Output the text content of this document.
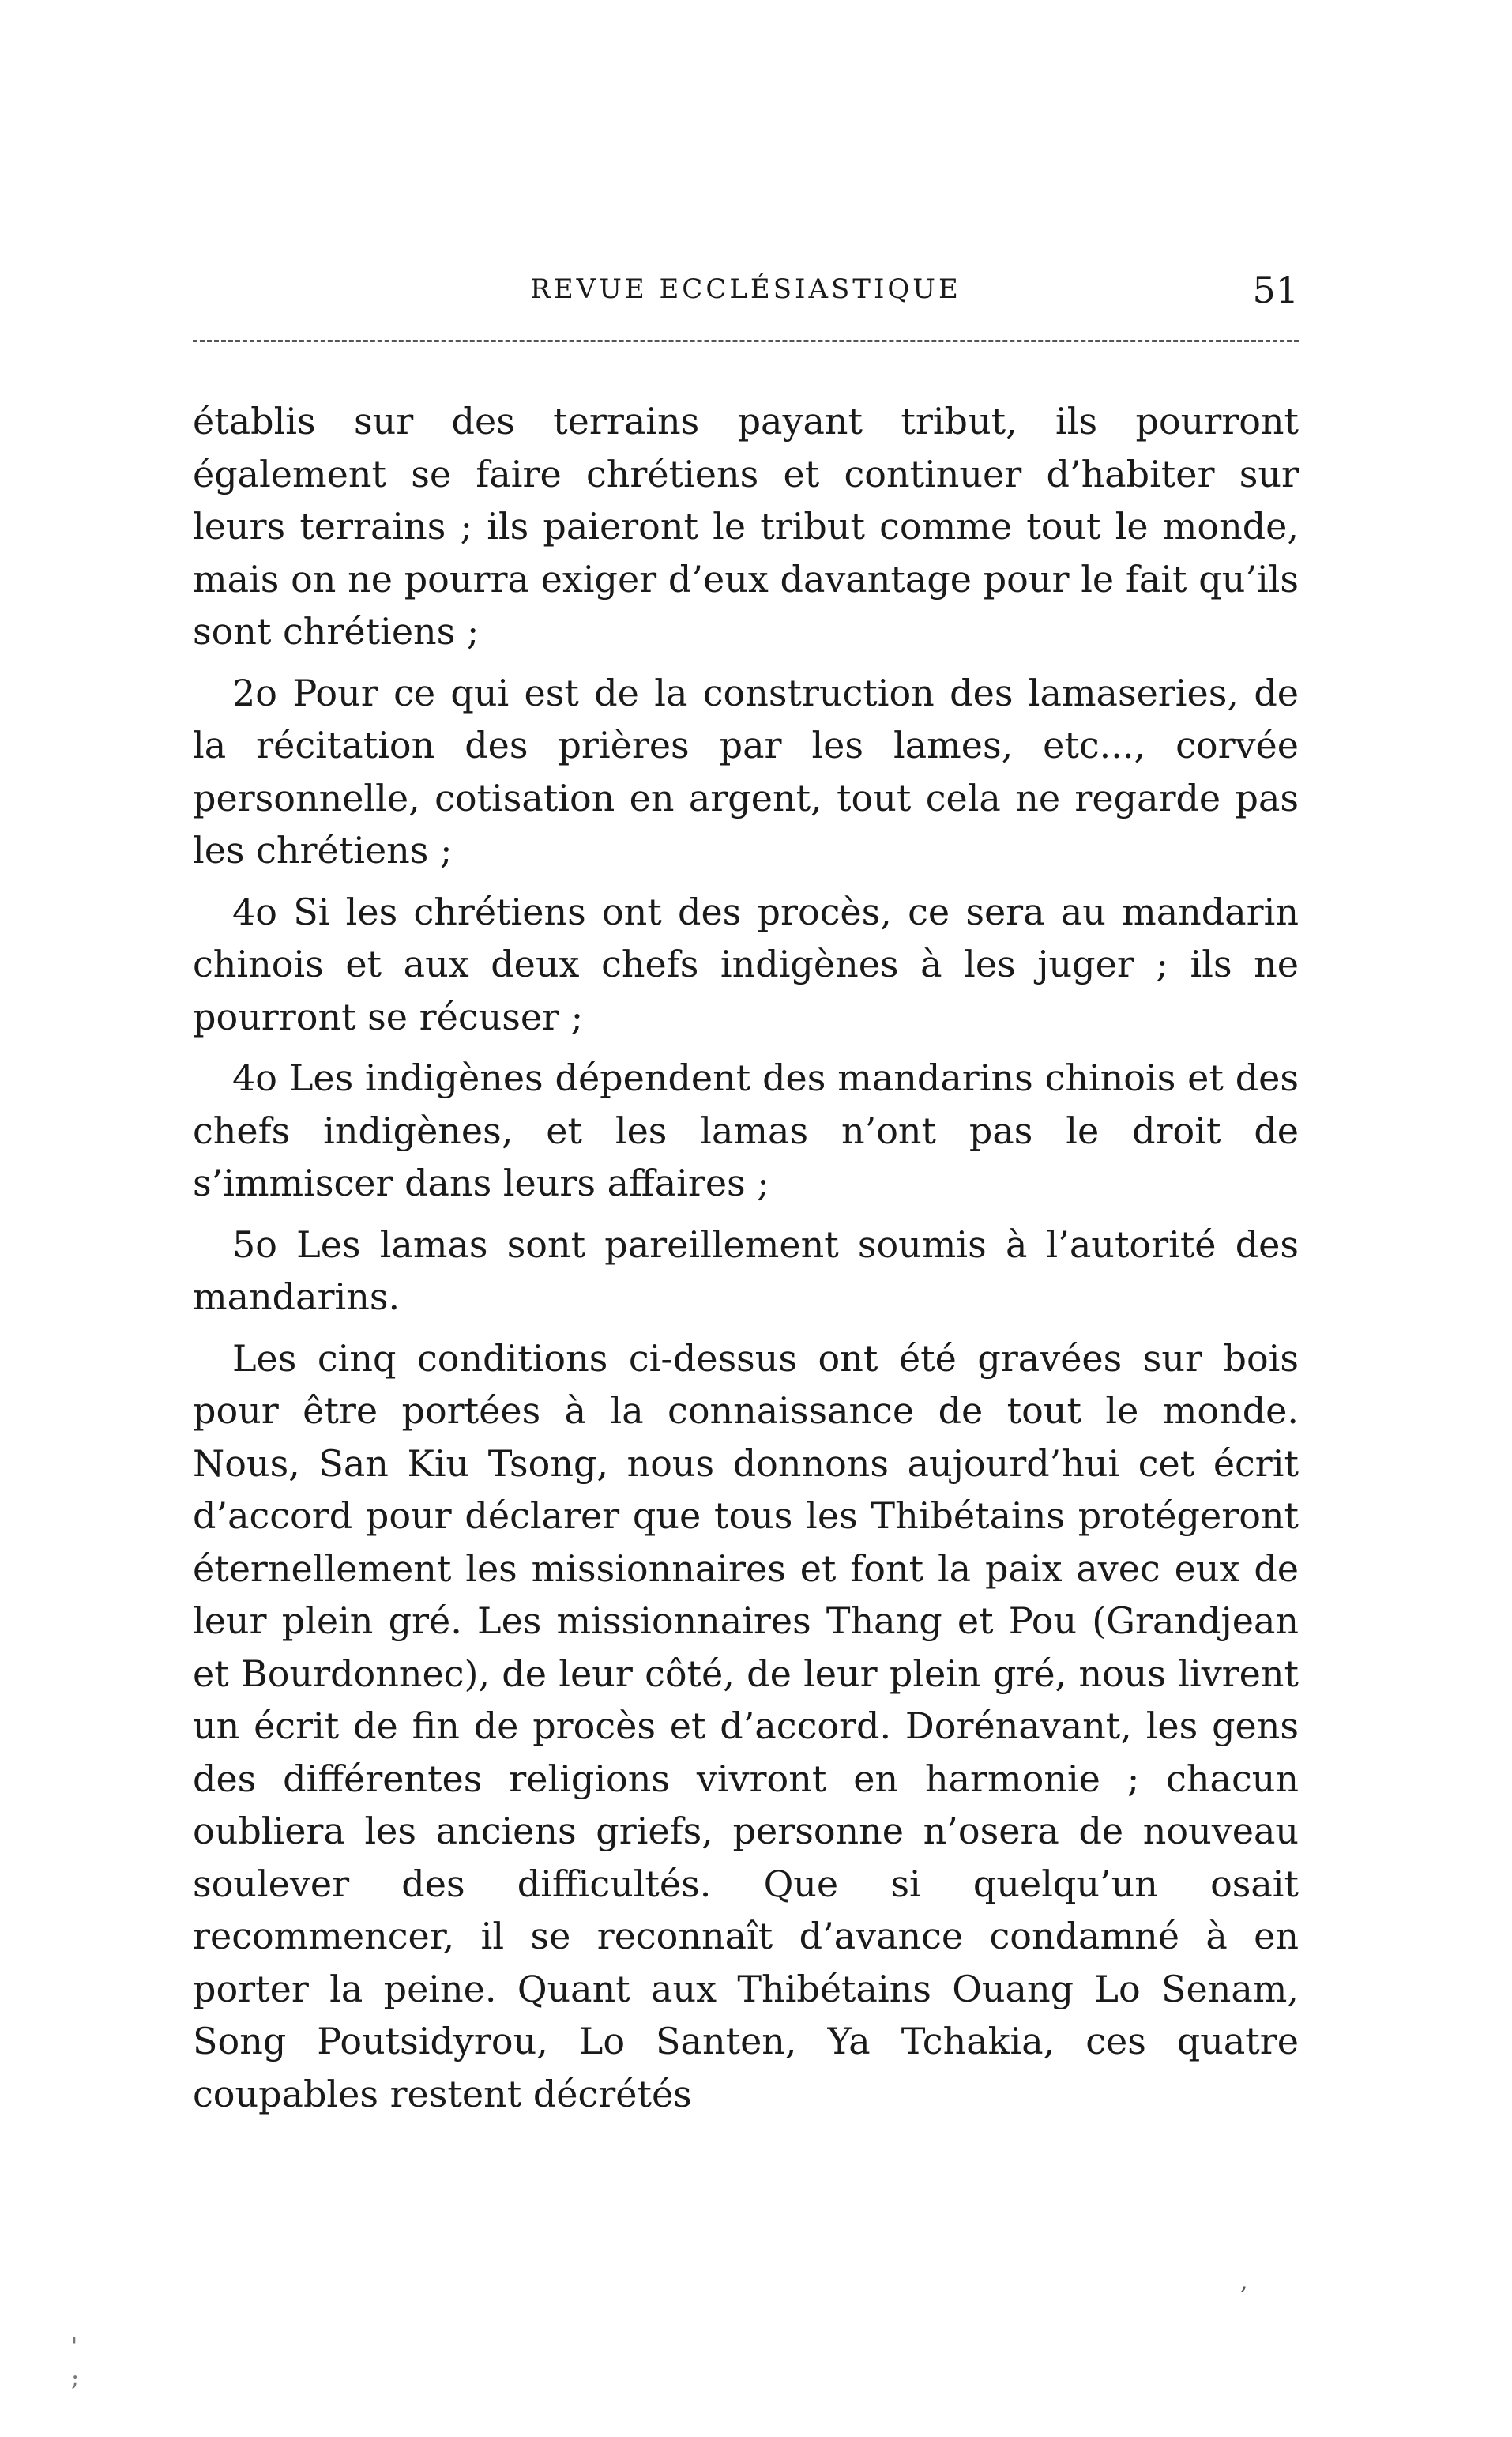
REVUE ECCLÉSIASTIQUE	51

établis sur des terrains payant tribut, ils pourront également se faire chrétiens et continuer d’habiter sur leurs terrains ; ils paieront le tribut comme tout le monde, mais on ne pourra exiger d’eux davantage pour le fait qu’ils sont chrétiens ;

2o Pour ce qui est de la construction des lamaseries, de la récitation des prières par les lames, etc..., corvée personnelle, cotisation en argent, tout cela ne regarde pas les chrétiens ;

4o Si les chrétiens ont des procès, ce sera au mandarin chinois et aux deux chefs indigènes à les juger ; ils ne pourront se récuser ;

4o Les indigènes dépendent des mandarins chinois et des chefs indigènes, et les lamas n’ont pas le droit de s’immiscer dans leurs affaires ;

5o Les lamas sont pareillement soumis à l’autorité des mandarins.

Les cinq conditions ci-dessus ont été gravées sur bois pour être portées à la connaissance de tout le monde. Nous, San Kiu Tsong, nous donnons aujourd’hui cet écrit d’accord pour déclarer que tous les Thibétains protégeront éternellement les missionnaires et font la paix avec eux de leur plein gré. Les missionnaires Thang et Pou (Grandjean et Bourdonnec), de leur côté, de leur plein gré, nous livrent un écrit de fin de procès et d’accord. Dorénavant, les gens des différentes religions vivront en harmonie ; chacun oubliera les anciens griefs, personne n’osera de nouveau soulever des difficultés. Que si quelqu’un osait recommencer, il se reconnaît d’avance condamné à en porter la peine. Quant aux Thibétains Ouang Lo Senam, Song Poutsidyrou, Lo Santen, Ya Tchakia, ces quatre coupables restent décrétés

,
'
;
